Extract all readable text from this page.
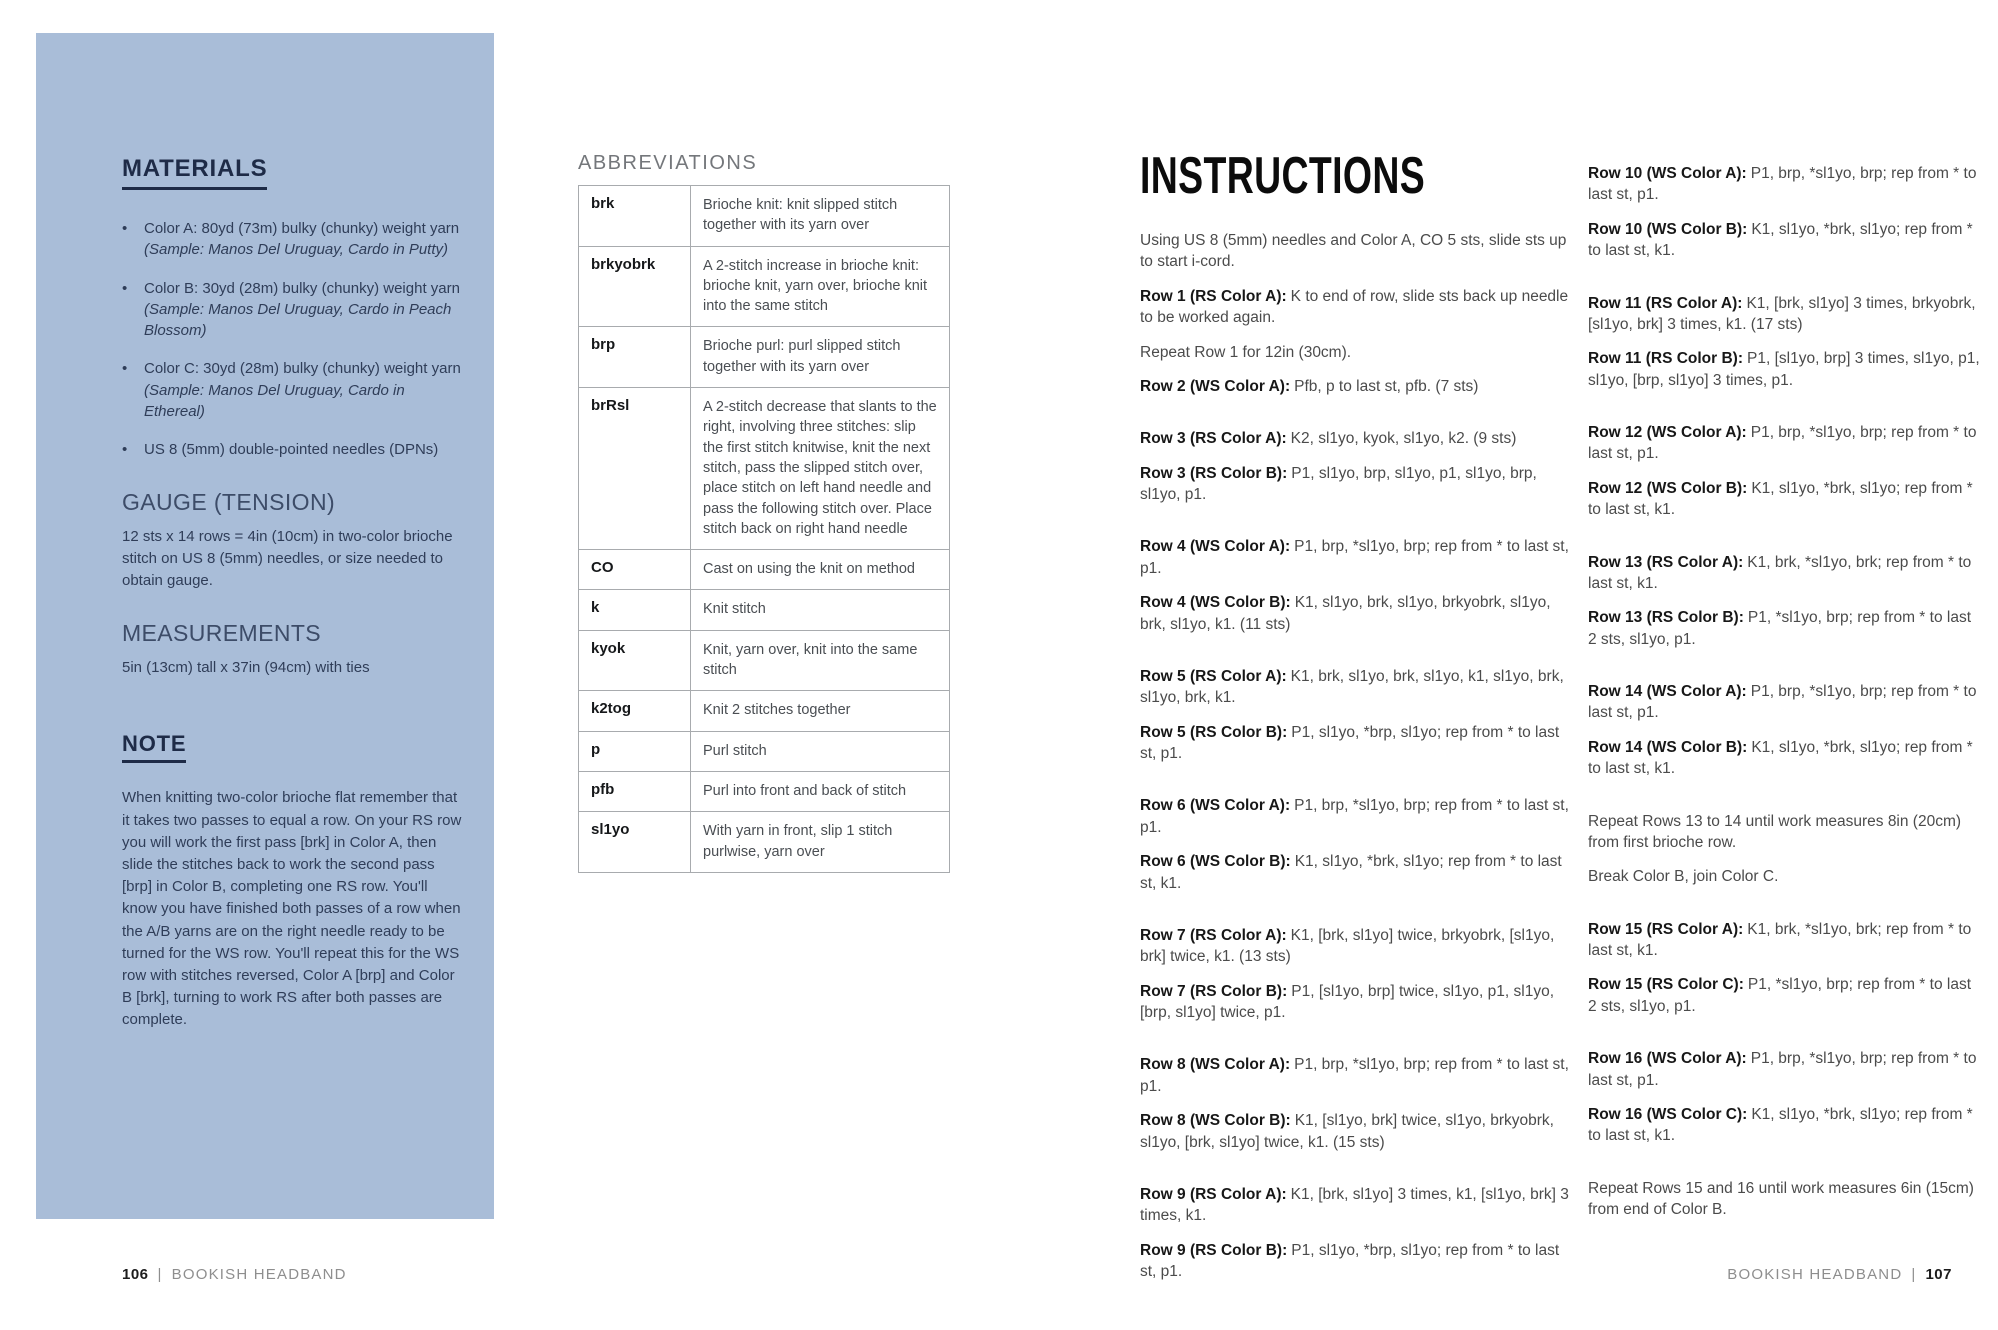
MATERIALS
•	Color A: 80yd (73m) bulky (chunky) weight yarn
(Sample: Manos Del Uruguay, Cardo in Putty)
•	Color B: 30yd (28m) bulky (chunky) weight yarn
(Sample: Manos Del Uruguay, Cardo in Peach Blossom)
•	Color C: 30yd (28m) bulky (chunky) weight yarn
(Sample: Manos Del Uruguay, Cardo in Ethereal)
•	US 8 (5mm) double-pointed needles (DPNs)
GAUGE (TENSION)

12 sts x 14 rows = 4in (10cm) in two-color brioche stitch on US 8 (5mm) needles, or size needed to obtain gauge.

MEASUREMENTS

5in (13cm) tall x 37in (94cm) with ties

NOTE

When knitting two-color brioche flat remember that it takes two passes to equal a row. On your RS row you will work the first pass [brk] in Color A, then slide the stitches back to work the second pass [brp] in Color B, completing one RS row. You'll know you have finished both passes of a row when the A/B yarns are on the right needle ready to be turned for the WS row. You'll repeat this for the WS row with stitches reversed, Color A [brp] and Color B [brk], turning to work RS after both passes are complete.

ABBREVIATIONS
brk	Brioche knit: knit slipped stitch together with its yarn over
brkyobrk	A 2-stitch increase in brioche knit: brioche knit, yarn over, brioche knit into the same stitch
brp	Brioche purl: purl slipped stitch together with its yarn over
brRsl	A 2-stitch decrease that slants to the right, involving three stitches: slip the first stitch knitwise, knit the next stitch, pass the slipped stitch over, place stitch on left hand needle and pass the following stitch over. Place stitch back on right hand needle
CO	Cast on using the knit on method
k	Knit stitch
kyok	Knit, yarn over, knit into the same stitch
k2tog	Knit 2 stitches together
p	Purl stitch
pfb	Purl into front and back of stitch
sl1yo	With yarn in front, slip 1 stitch purlwise, yarn over
INSTRUCTIONS

Using US 8 (5mm) needles and Color A, CO 5 sts, slide sts up to start i-cord.

Row 1 (RS Color A): K to end of row, slide sts back up needle to be worked again.

Repeat Row 1 for 12in (30cm).

Row 2 (WS Color A): Pfb, p to last st, pfb. (7 sts)

Row 3 (RS Color A): K2, sl1yo, kyok, sl1yo, k2. (9 sts)

Row 3 (RS Color B): P1, sl1yo, brp, sl1yo, p1, sl1yo, brp, sl1yo, p1.

Row 4 (WS Color A): P1, brp, *sl1yo, brp; rep from * to last st, p1.

Row 4 (WS Color B): K1, sl1yo, brk, sl1yo, brkyobrk, sl1yo, brk, sl1yo, k1. (11 sts)

Row 5 (RS Color A): K1, brk, sl1yo, brk, sl1yo, k1, sl1yo, brk, sl1yo, brk, k1.

Row 5 (RS Color B): P1, sl1yo, *brp, sl1yo; rep from * to last st, p1.

Row 6 (WS Color A): P1, brp, *sl1yo, brp; rep from * to last st, p1.

Row 6 (WS Color B): K1, sl1yo, *brk, sl1yo; rep from * to last st, k1.

Row 7 (RS Color A): K1, [brk, sl1yo] twice, brkyobrk, [sl1yo, brk] twice, k1. (13 sts)

Row 7 (RS Color B): P1, [sl1yo, brp] twice, sl1yo, p1, sl1yo, [brp, sl1yo] twice, p1.

Row 8 (WS Color A): P1, brp, *sl1yo, brp; rep from * to last st, p1.

Row 8 (WS Color B): K1, [sl1yo, brk] twice, sl1yo, brkyobrk, sl1yo, [brk, sl1yo] twice, k1. (15 sts)

Row 9 (RS Color A): K1, [brk, sl1yo] 3 times, k1, [sl1yo, brk] 3 times, k1.

Row 9 (RS Color B): P1, sl1yo, *brp, sl1yo; rep from * to last st, p1.

Row 10 (WS Color A): P1, brp, *sl1yo, brp; rep from * to last st, p1.

Row 10 (WS Color B): K1, sl1yo, *brk, sl1yo; rep from * to last st, k1.

Row 11 (RS Color A): K1, [brk, sl1yo] 3 times, brkyobrk, [sl1yo, brk] 3 times, k1. (17 sts)

Row 11 (RS Color B): P1, [sl1yo, brp] 3 times, sl1yo, p1, sl1yo, [brp, sl1yo] 3 times, p1.

Row 12 (WS Color A): P1, brp, *sl1yo, brp; rep from * to last st, p1.

Row 12 (WS Color B): K1, sl1yo, *brk, sl1yo; rep from * to last st, k1.

Row 13 (RS Color A): K1, brk, *sl1yo, brk; rep from * to last st, k1.

Row 13 (RS Color B): P1, *sl1yo, brp; rep from * to last 2 sts, sl1yo, p1.

Row 14 (WS Color A): P1, brp, *sl1yo, brp; rep from * to last st, p1.

Row 14 (WS Color B): K1, sl1yo, *brk, sl1yo; rep from * to last st, k1.

Repeat Rows 13 to 14 until work measures 8in (20cm) from first brioche row.

Break Color B, join Color C.

Row 15 (RS Color A): K1, brk, *sl1yo, brk; rep from * to last st, k1.

Row 15 (RS Color C): P1, *sl1yo, brp; rep from * to last 2 sts, sl1yo, p1.

Row 16 (WS Color A): P1, brp, *sl1yo, brp; rep from * to last st, p1.

Row 16 (WS Color C): K1, sl1yo, *brk, sl1yo; rep from * to last st, k1.

Repeat Rows 15 and 16 until work measures 6in (15cm) from end of Color B.

106 | BOOKISH HEADBAND	BOOKISH HEADBAND | 107
